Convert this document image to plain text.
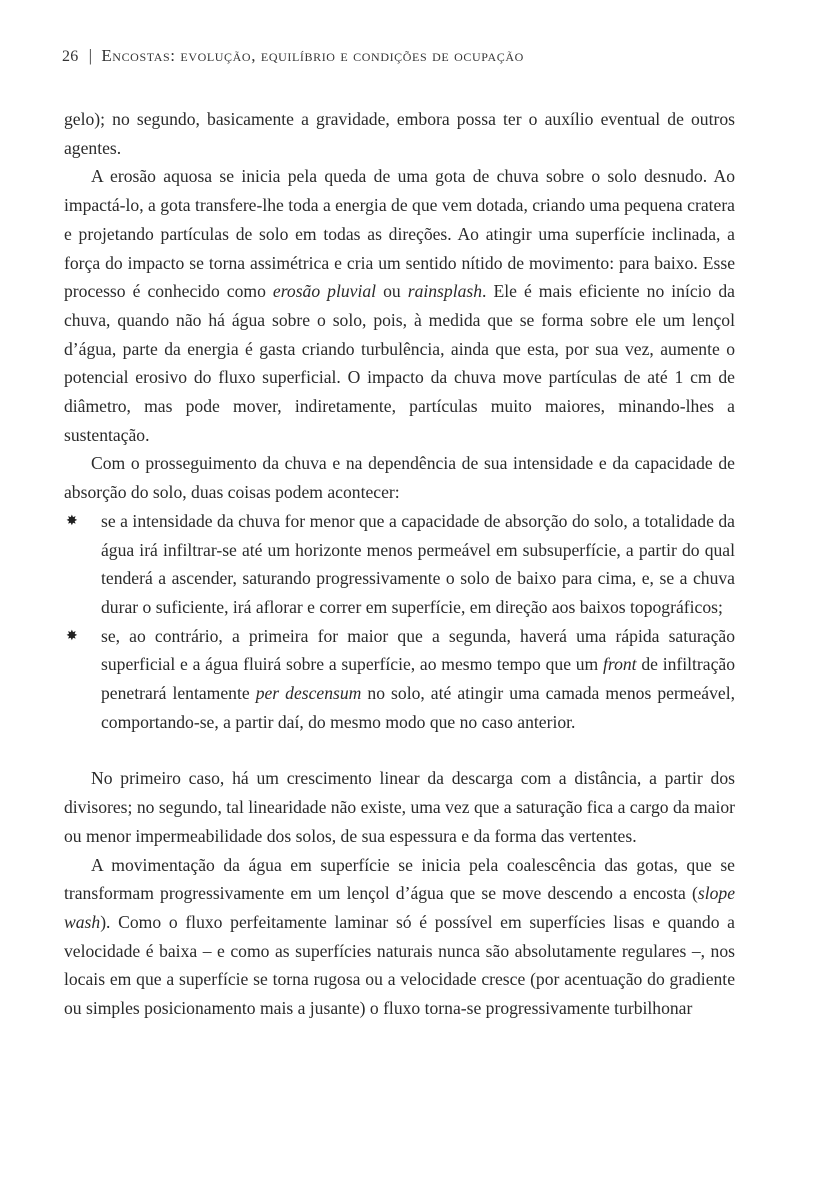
26 | Encostas: evolução, equilíbrio e condições de ocupação

gelo); no segundo, basicamente a gravidade, embora possa ter o auxílio eventual de outros agentes.

A erosão aquosa se inicia pela queda de uma gota de chuva sobre o solo desnudo. Ao impactá-lo, a gota transfere-lhe toda a energia de que vem dotada, criando uma pequena cratera e projetando partículas de solo em todas as direções. Ao atingir uma superfície inclinada, a força do impacto se torna assimétrica e cria um sentido nítido de movimento: para baixo. Esse processo é conhecido como erosão pluvial ou rainsplash. Ele é mais eficiente no início da chuva, quando não há água sobre o solo, pois, à medida que se forma sobre ele um lençol d’água, parte da energia é gasta criando turbulência, ainda que esta, por sua vez, aumente o potencial erosivo do fluxo superficial. O impacto da chuva move partículas de até 1 cm de diâmetro, mas pode mover, indiretamente, partículas muito maiores, minando-lhes a sustentação.

Com o prosseguimento da chuva e na dependência de sua intensidade e da capacidade de absorção do solo, duas coisas podem acontecer:

✸ se a intensidade da chuva for menor que a capacidade de absorção do solo, a totalidade da água irá infiltrar-se até um horizonte menos permeável em subsuperfície, a partir do qual tenderá a ascender, saturando progressivamente o solo de baixo para cima, e, se a chuva durar o suficiente, irá aflorar e correr em superfície, em direção aos baixos topográficos;
✸ se, ao contrário, a primeira for maior que a segunda, haverá uma rápida saturação superficial e a água fluirá sobre a superfície, ao mesmo tempo que um front de infiltração penetrará lentamente per descensum no solo, até atingir uma camada menos permeável, comportando-se, a partir daí, do mesmo modo que no caso anterior.

No primeiro caso, há um crescimento linear da descarga com a distância, a partir dos divisores; no segundo, tal linearidade não existe, uma vez que a saturação fica a cargo da maior ou menor impermeabilidade dos solos, de sua espessura e da forma das vertentes.

A movimentação da água em superfície se inicia pela coalescência das gotas, que se transformam progressivamente em um lençol d’água que se move descendo a encosta (slope wash). Como o fluxo perfeitamente laminar só é possível em superfícies lisas e quando a velocidade é baixa – e como as superfícies naturais nunca são absolutamente regulares –, nos locais em que a superfície se torna rugosa ou a velocidade cresce (por acentuação do gradiente ou simples posicionamento mais a jusante) o fluxo torna-se progressivamente turbilhonar
